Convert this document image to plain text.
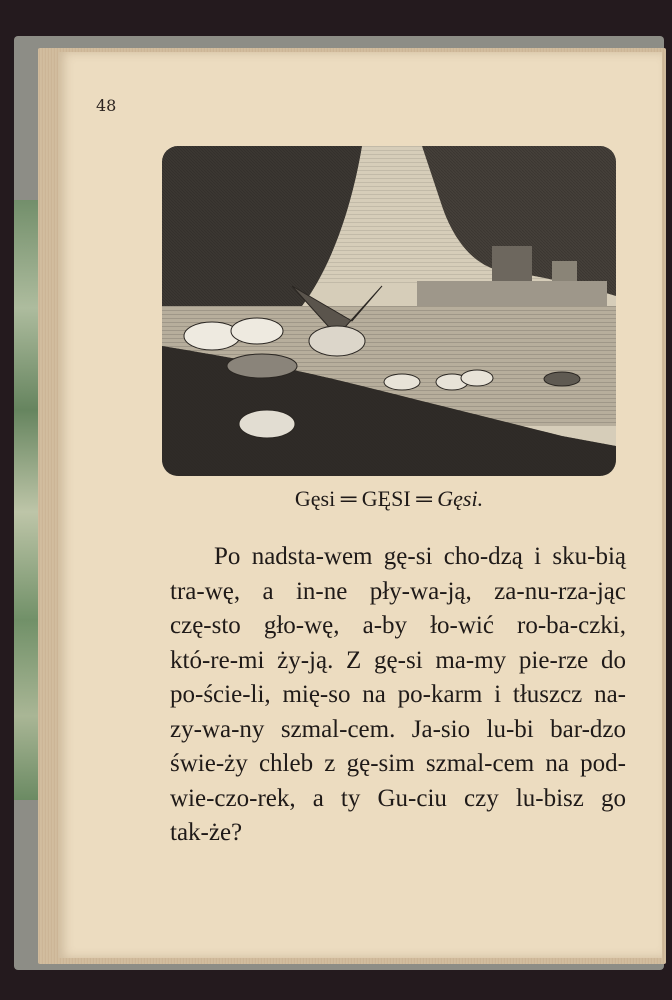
48
Gęsi ═ GĘSI ═ Gęsi.
Po nadsta-wem gę-si cho-dzą i sku-bią
tra-wę, a in-ne pły-wa-ją, za-nu-rza-jąc
czę-sto gło-wę, a-by ło-wić ro-ba-czki,
któ-re-mi ży-ją. Z gę-si ma-my pie-rze do
po-ście-li, mię-so na po-karm i tłuszcz na-
zy-wa-ny szmal-cem. Ja-sio lu-bi bar-dzo
świe-ży chleb z gę-sim szmal-cem na pod-
wie-czo-rek, a ty Gu-ciu czy lu-bisz go
tak-że?
